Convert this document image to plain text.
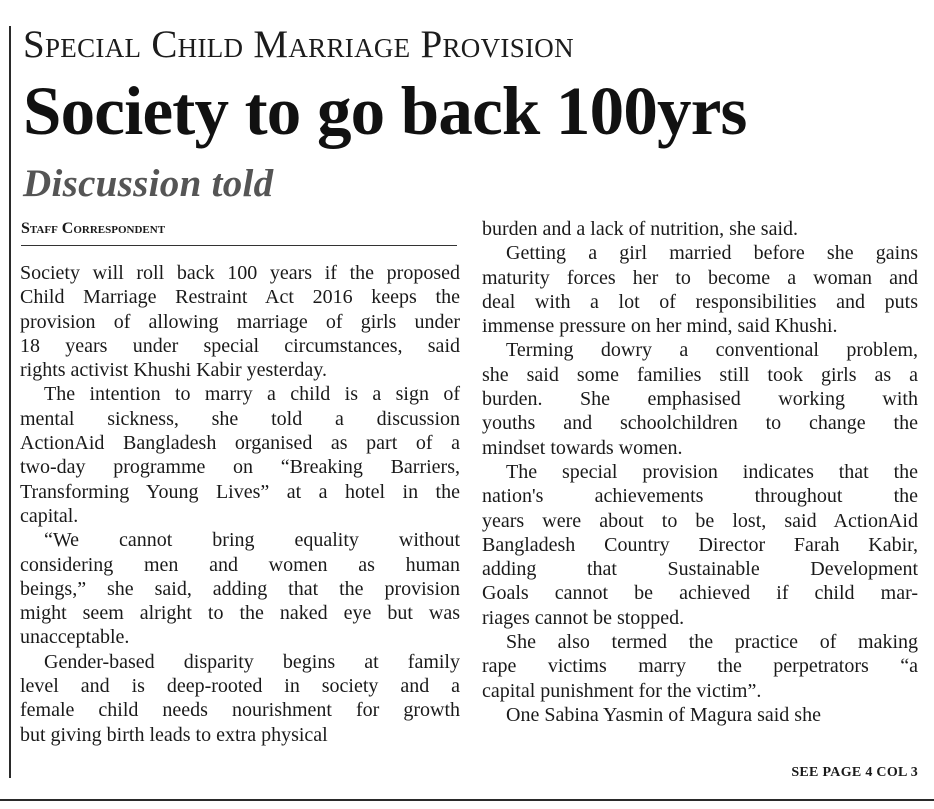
Special Child Marriage Provision
Society to go back 100yrs
Discussion told
Staff Correspondent

Society will roll back 100 years if the proposed
Child Marriage Restraint Act 2016 keeps the
provision of allowing marriage of girls under
18 years under special circumstances, said
rights activist Khushi Kabir yesterday.

The intention to marry a child is a sign of
mental sickness, she told a discussion
ActionAid Bangladesh organised as part of a
two-day programme on “Breaking Barriers,
Transforming Young Lives” at a hotel in the
capital.

“We cannot bring equality without
considering men and women as human
beings,” she said, adding that the provision
might seem alright to the naked eye but was
unacceptable.

Gender-based disparity begins at family
level and is deep-rooted in society and a
female child needs nourishment for growth
but giving birth leads to extra physical

burden and a lack of nutrition, she said.

Getting a girl married before she gains
maturity forces her to become a woman and
deal with a lot of responsibilities and puts
immense pressure on her mind, said Khushi.

Terming dowry a conventional problem,
she said some families still took girls as a
burden. She emphasised working with
youths and schoolchildren to change the
mindset towards women.

The special provision indicates that the
nation's achievements throughout the
years were about to be lost, said ActionAid
Bangladesh Country Director Farah Kabir,
adding that Sustainable Development
Goals cannot be achieved if child mar-
riages cannot be stopped.

She also termed the practice of making
rape victims marry the perpetrators “a
capital punishment for the victim”.

One Sabina Yasmin of Magura said she

SEE PAGE 4 COL 3
